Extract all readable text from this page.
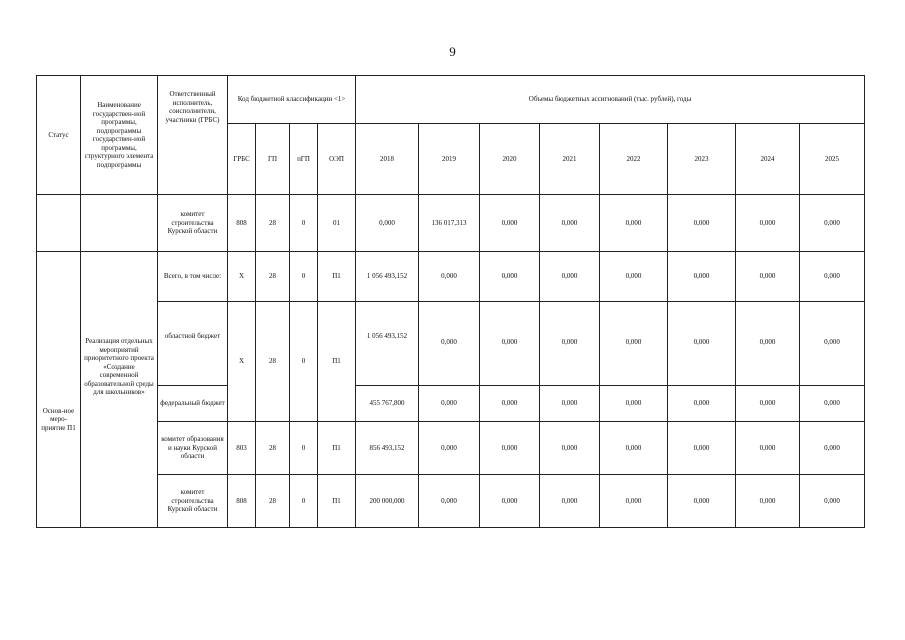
9
Статус	Наименование государствен-ной программы, подпрограммы государствен-ной программы, структурного элемента подпрограммы	Ответственный исполнитель, соисполнители, участники (ГРБС)	Код бюджетной классификации <1>				Объемы бюджетных ассигнований (тыс. рублей), годы							
			ГРБС	ГП	пГП	ОЭП	2018	2019	2020	2021	2022	2023	2024	2025
		комитет строительства Курской области	808	28	0	01	0,000	136 017,313	0,000	0,000	0,000	0,000	0,000	0,000
Основ-ное меро-приятие П1	Реализация отдельных мероприятий приоритетного проекта «Создание современной образовательной среды для школьников»	Всего, в том числе:	X	28	0	П1	1 056 493,152	0,000	0,000	0,000	0,000	0,000	0,000	0,000
		областной бюджет	X	28	0	П1	1 056 493,152	0,000	0,000	0,000	0,000	0,000	0,000	0,000
		федеральный бюджет					455 767,800	0,000	0,000	0,000	0,000	0,000	0,000	0,000
		комитет образования и науки Курской области	803	28	0	П1	856 493,152	0,000	0,000	0,000	0,000	0,000	0,000	0,000
		комитет строительства Курской области	808	28	0	П1	200 000,000	0,000	0,000	0,000	0,000	0,000	0,000	0,000
